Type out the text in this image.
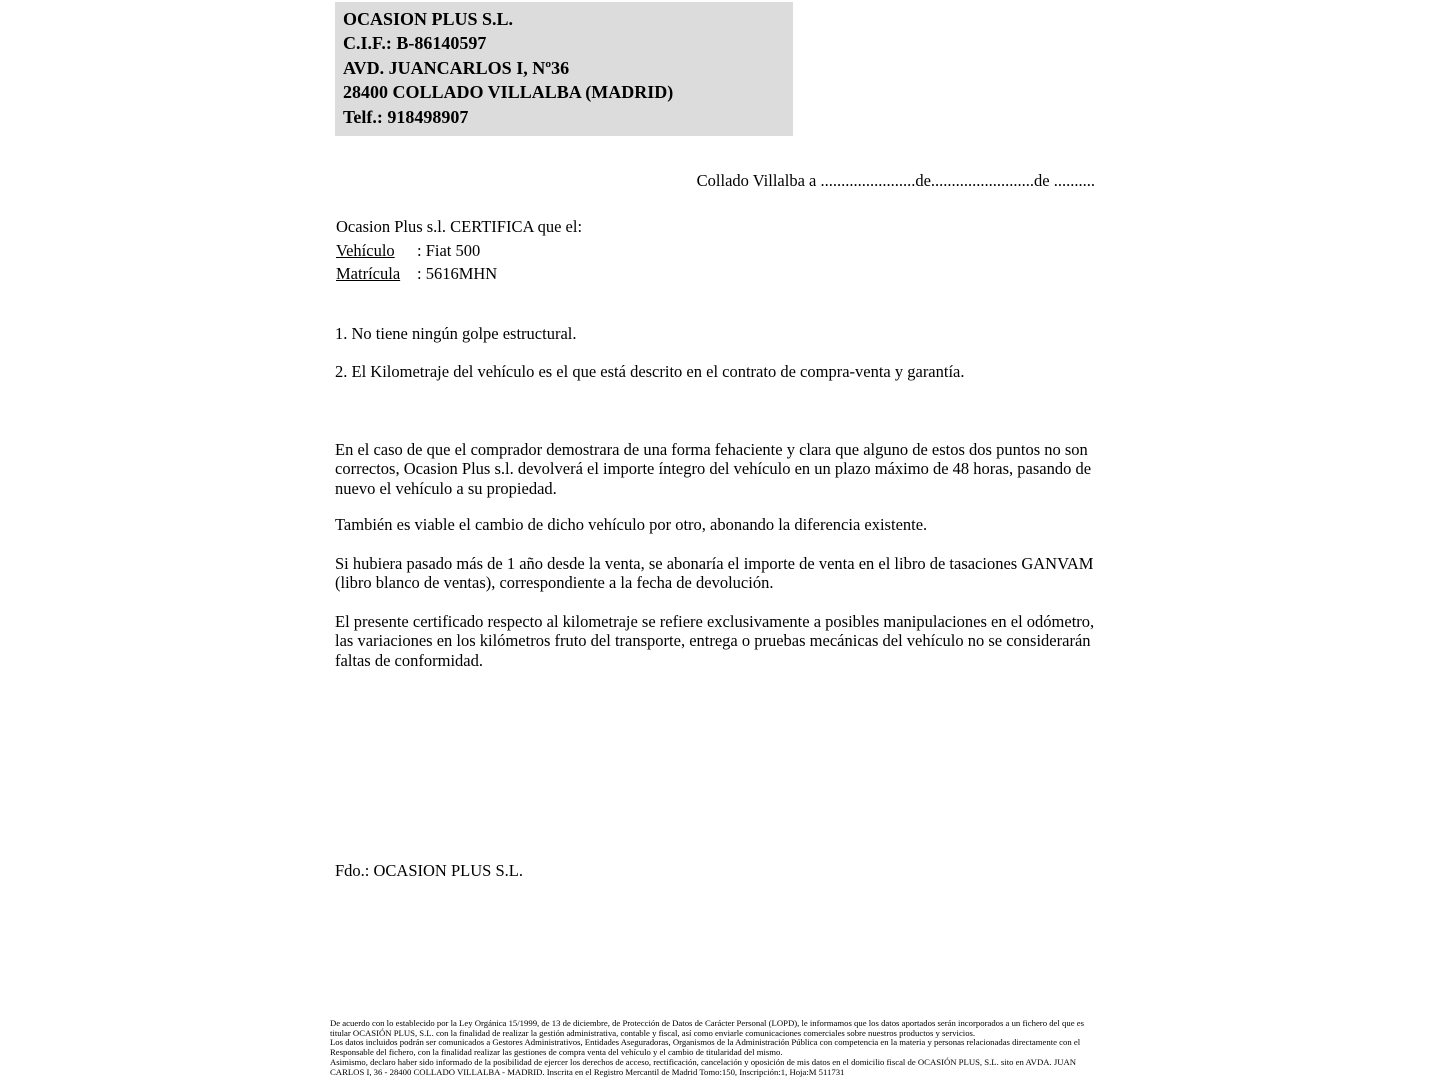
OCASION PLUS S.L.
C.I.F.: B-86140597
AVD. JUANCARLOS I, Nº36
28400 COLLADO VILLALBA (MADRID)
Telf.: 918498907
Collado Villalba a .......................de.........................de ..........
Ocasion Plus s.l. CERTIFICA que el:
Vehículo	: Fiat 500
Matrícula	: 5616MHN
1. No tiene ningún golpe estructural.
2. El Kilometraje del vehículo es el que está descrito en el contrato de compra-venta y garantía.
En el caso de que el comprador demostrara de una forma fehaciente y clara que alguno de estos dos puntos no son correctos, Ocasion Plus s.l. devolverá el importe íntegro del vehículo en un plazo máximo de 48 horas, pasando de nuevo el vehículo a su propiedad.
También es viable el cambio de dicho vehículo por otro, abonando la diferencia existente.
Si hubiera pasado más de 1 año desde la venta, se abonaría el importe de venta en el libro de tasaciones GANVAM (libro blanco de ventas), correspondiente a la fecha de devolución.
El presente certificado respecto al kilometraje se refiere exclusivamente a posibles manipulaciones en el odómetro, las variaciones en los kilómetros fruto del transporte, entrega o pruebas mecánicas del vehículo no se considerarán faltas de conformidad.
Fdo.: OCASION PLUS S.L.

De acuerdo con lo establecido por la Ley Orgánica 15/1999, de 13 de diciembre, de Protección de Datos de Carácter Personal (LOPD), le informamos que los datos aportados serán incorporados a un fichero del que es titular OCASIÓN PLUS, S.L. con la finalidad de realizar la gestión administrativa, contable y fiscal, así como enviarle comunicaciones comerciales sobre nuestros productos y servicios.

Los datos incluidos podrán ser comunicados a Gestores Administrativos, Entidades Aseguradoras, Organismos de la Administración Pública con competencia en la materia y personas relacionadas directamente con el Responsable del fichero, con la finalidad realizar las gestiones de compra venta del vehículo y el cambio de titularidad del mismo.

Asimismo, declaro haber sido informado de la posibilidad de ejercer los derechos de acceso, rectificación, cancelación y oposición de mis datos en el domicilio fiscal de OCASIÓN PLUS, S.L. sito en AVDA. JUAN CARLOS I, 36 - 28400 COLLADO VILLALBA - MADRID. Inscrita en el Registro Mercantil de Madrid Tomo:150, Inscripción:1, Hoja:M 511731
